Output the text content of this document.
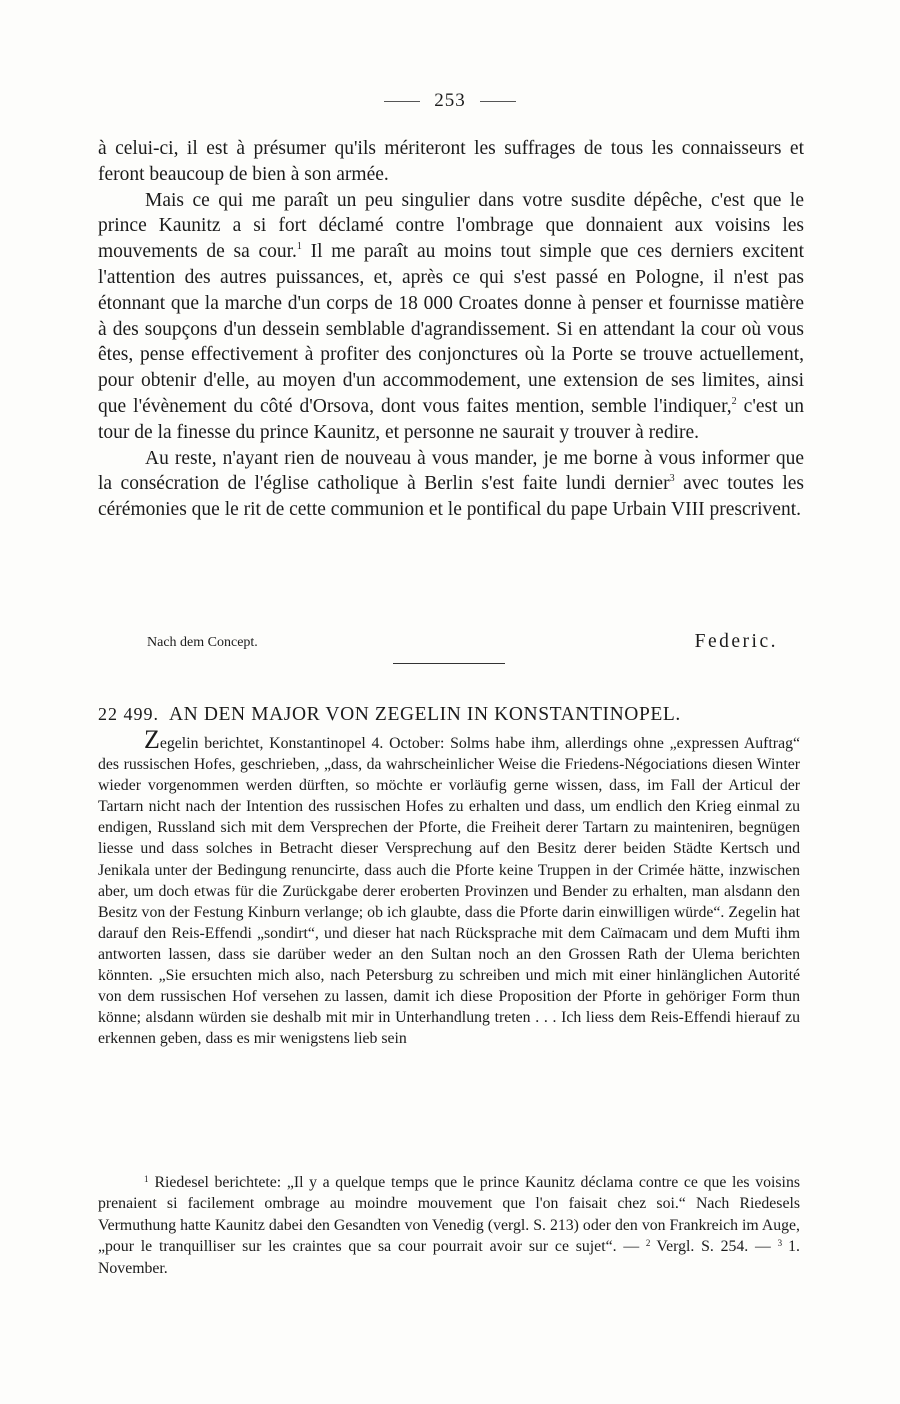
253

à celui-ci, il est à présumer qu'ils mériteront les suffrages de tous les connaisseurs et feront beaucoup de bien à son armée.

Mais ce qui me paraît un peu singulier dans votre susdite dépêche, c'est que le prince Kaunitz a si fort déclamé contre l'ombrage que donnaient aux voisins les mouvements de sa cour.$^1$ Il me paraît au moins tout simple que ces derniers excitent l'attention des autres puissances, et, après ce qui s'est passé en Pologne, il n'est pas étonnant que la marche d'un corps de 18 000 Croates donne à penser et fournisse matière à des soupçons d'un dessein semblable d'agrandissement. Si en attendant la cour où vous êtes, pense effectivement à profiter des conjonctures où la Porte se trouve actuellement, pour obtenir d'elle, au moyen d'un accommodement, une extension de ses limites, ainsi que l'évènement du côté d'Orsova, dont vous faites mention, semble l'indiquer,$^2$ c'est un tour de la finesse du prince Kaunitz, et personne ne saurait y trouver à redire.

Au reste, n'ayant rien de nouveau à vous mander, je me borne à vous informer que la consécration de l'église catholique à Berlin s'est faite lundi dernier$^3$ avec toutes les cérémonies que le rit de cette communion et le pontifical du pape Urbain VIII prescrivent.

Nach dem Concept.	Federic.
22 499. AN DEN MAJOR VON ZEGELIN IN KONSTANTINOPEL.

Zegelin berichtet, Konstantinopel 4. October: Solms habe ihm, allerdings ohne „expressen Auftrag“ des russischen Hofes, geschrieben, „dass, da wahrscheinlicher Weise die Friedens-Négociations diesen Winter wieder vorgenommen werden dürften, so möchte er vorläufig gerne wissen, dass, im Fall der Articul der Tartarn nicht nach der Intention des russischen Hofes zu erhalten und dass, um endlich den Krieg einmal zu endigen, Russland sich mit dem Versprechen der Pforte, die Freiheit derer Tartarn zu mainteniren, begnügen liesse und dass solches in Betracht dieser Versprechung auf den Besitz derer beiden Städte Kertsch und Jenikala unter der Bedingung renuncirte, dass auch die Pforte keine Truppen in der Crimée hätte, inzwischen aber, um doch etwas für die Zurückgabe derer eroberten Provinzen und Bender zu erhalten, man alsdann den Besitz von der Festung Kinburn verlange; ob ich glaubte, dass die Pforte darin einwilligen würde“. Zegelin hat darauf den Reis-Effendi „sondirt“, und dieser hat nach Rücksprache mit dem Caïmacam und dem Mufti ihm antworten lassen, dass sie darüber weder an den Sultan noch an den Grossen Rath der Ulema berichten könnten. „Sie ersuchten mich also, nach Petersburg zu schreiben und mich mit einer hinlänglichen Autorité von dem russischen Hof versehen zu lassen, damit ich diese Proposition der Pforte in gehöriger Form thun könne; alsdann würden sie deshalb mit mir in Unterhandlung treten . . . Ich liess dem Reis-Effendi hierauf zu erkennen geben, dass es mir wenigstens lieb sein

$^1$ Riedesel berichtete: „Il y a quelque temps que le prince Kaunitz déclama contre ce que les voisins prenaient si facilement ombrage au moindre mouvement que l'on faisait chez soi.“ Nach Riedesels Vermuthung hatte Kaunitz dabei den Gesandten von Venedig (vergl. S. 213) oder den von Frankreich im Auge, „pour le tranquilliser sur les craintes que sa cour pourrait avoir sur ce sujet“. — $^2$ Vergl. S. 254. — $^3$ 1. November.
